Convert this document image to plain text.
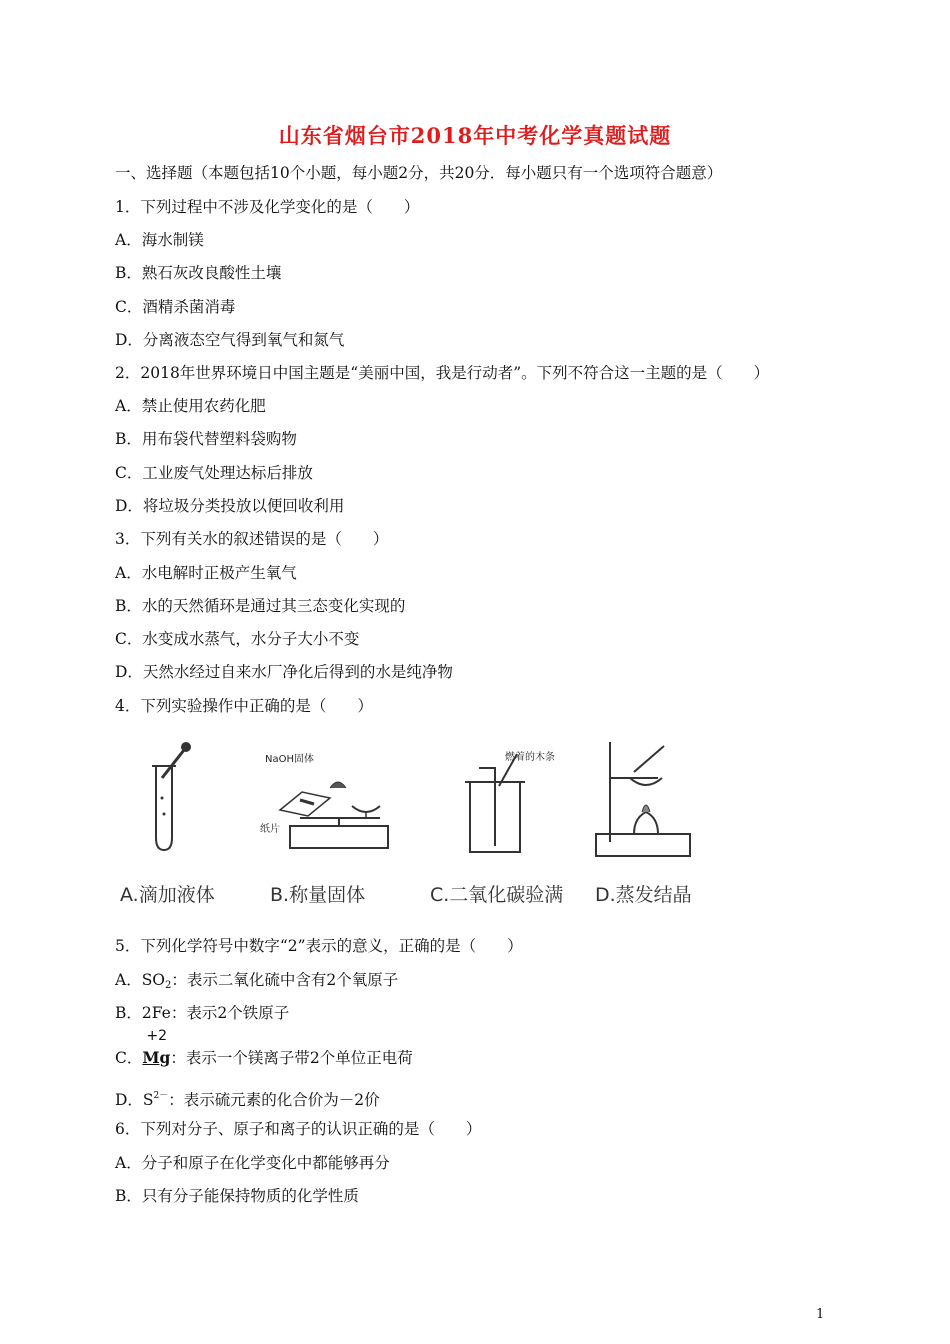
山东省烟台市2018年中考化学真题试题
一、选择题（本题包括10个小题，每小题2分，共20分．每小题只有一个选项符合题意）
1．下列过程中不涉及化学变化的是（　　）
A．海水制镁
B．熟石灰改良酸性土壤
C．酒精杀菌消毒
D．分离液态空气得到氧气和氮气
2．2018年世界环境日中国主题是“美丽中国，我是行动者”。下列不符合这一主题的是（　　）
A．禁止使用农药化肥
B．用布袋代替塑料袋购物
C．工业废气处理达标后排放
D．将垃圾分类投放以便回收利用
3．下列有关水的叙述错误的是（　　）
A．水电解时正极产生氧气
B．水的天然循环是通过其三态变化实现的
C．水变成水蒸气，水分子大小不变
D．天然水经过自来水厂净化后得到的水是纯净物
4．下列实验操作中正确的是（　　）
A.滴加液体
NaOH固体
纸片
B.称量固体
燃着的木条
C.二氧化碳验满 D.蒸发结晶
5．下列化学符号中数字“2”表示的意义，正确的是（　　）
A．$SO_2$：表示二氧化硫中含有2个氧原子
B．2Fe：表示2个铁原子
C．
+2
Mg：表示一个镁离子带2个单位正电荷
D．$S^{2-}$：表示硫元素的化合价为－2价
6．下列对分子、原子和离子的认识正确的是（　　）
A．分子和原子在化学变化中都能够再分
B．只有分子能保持物质的化学性质
1
